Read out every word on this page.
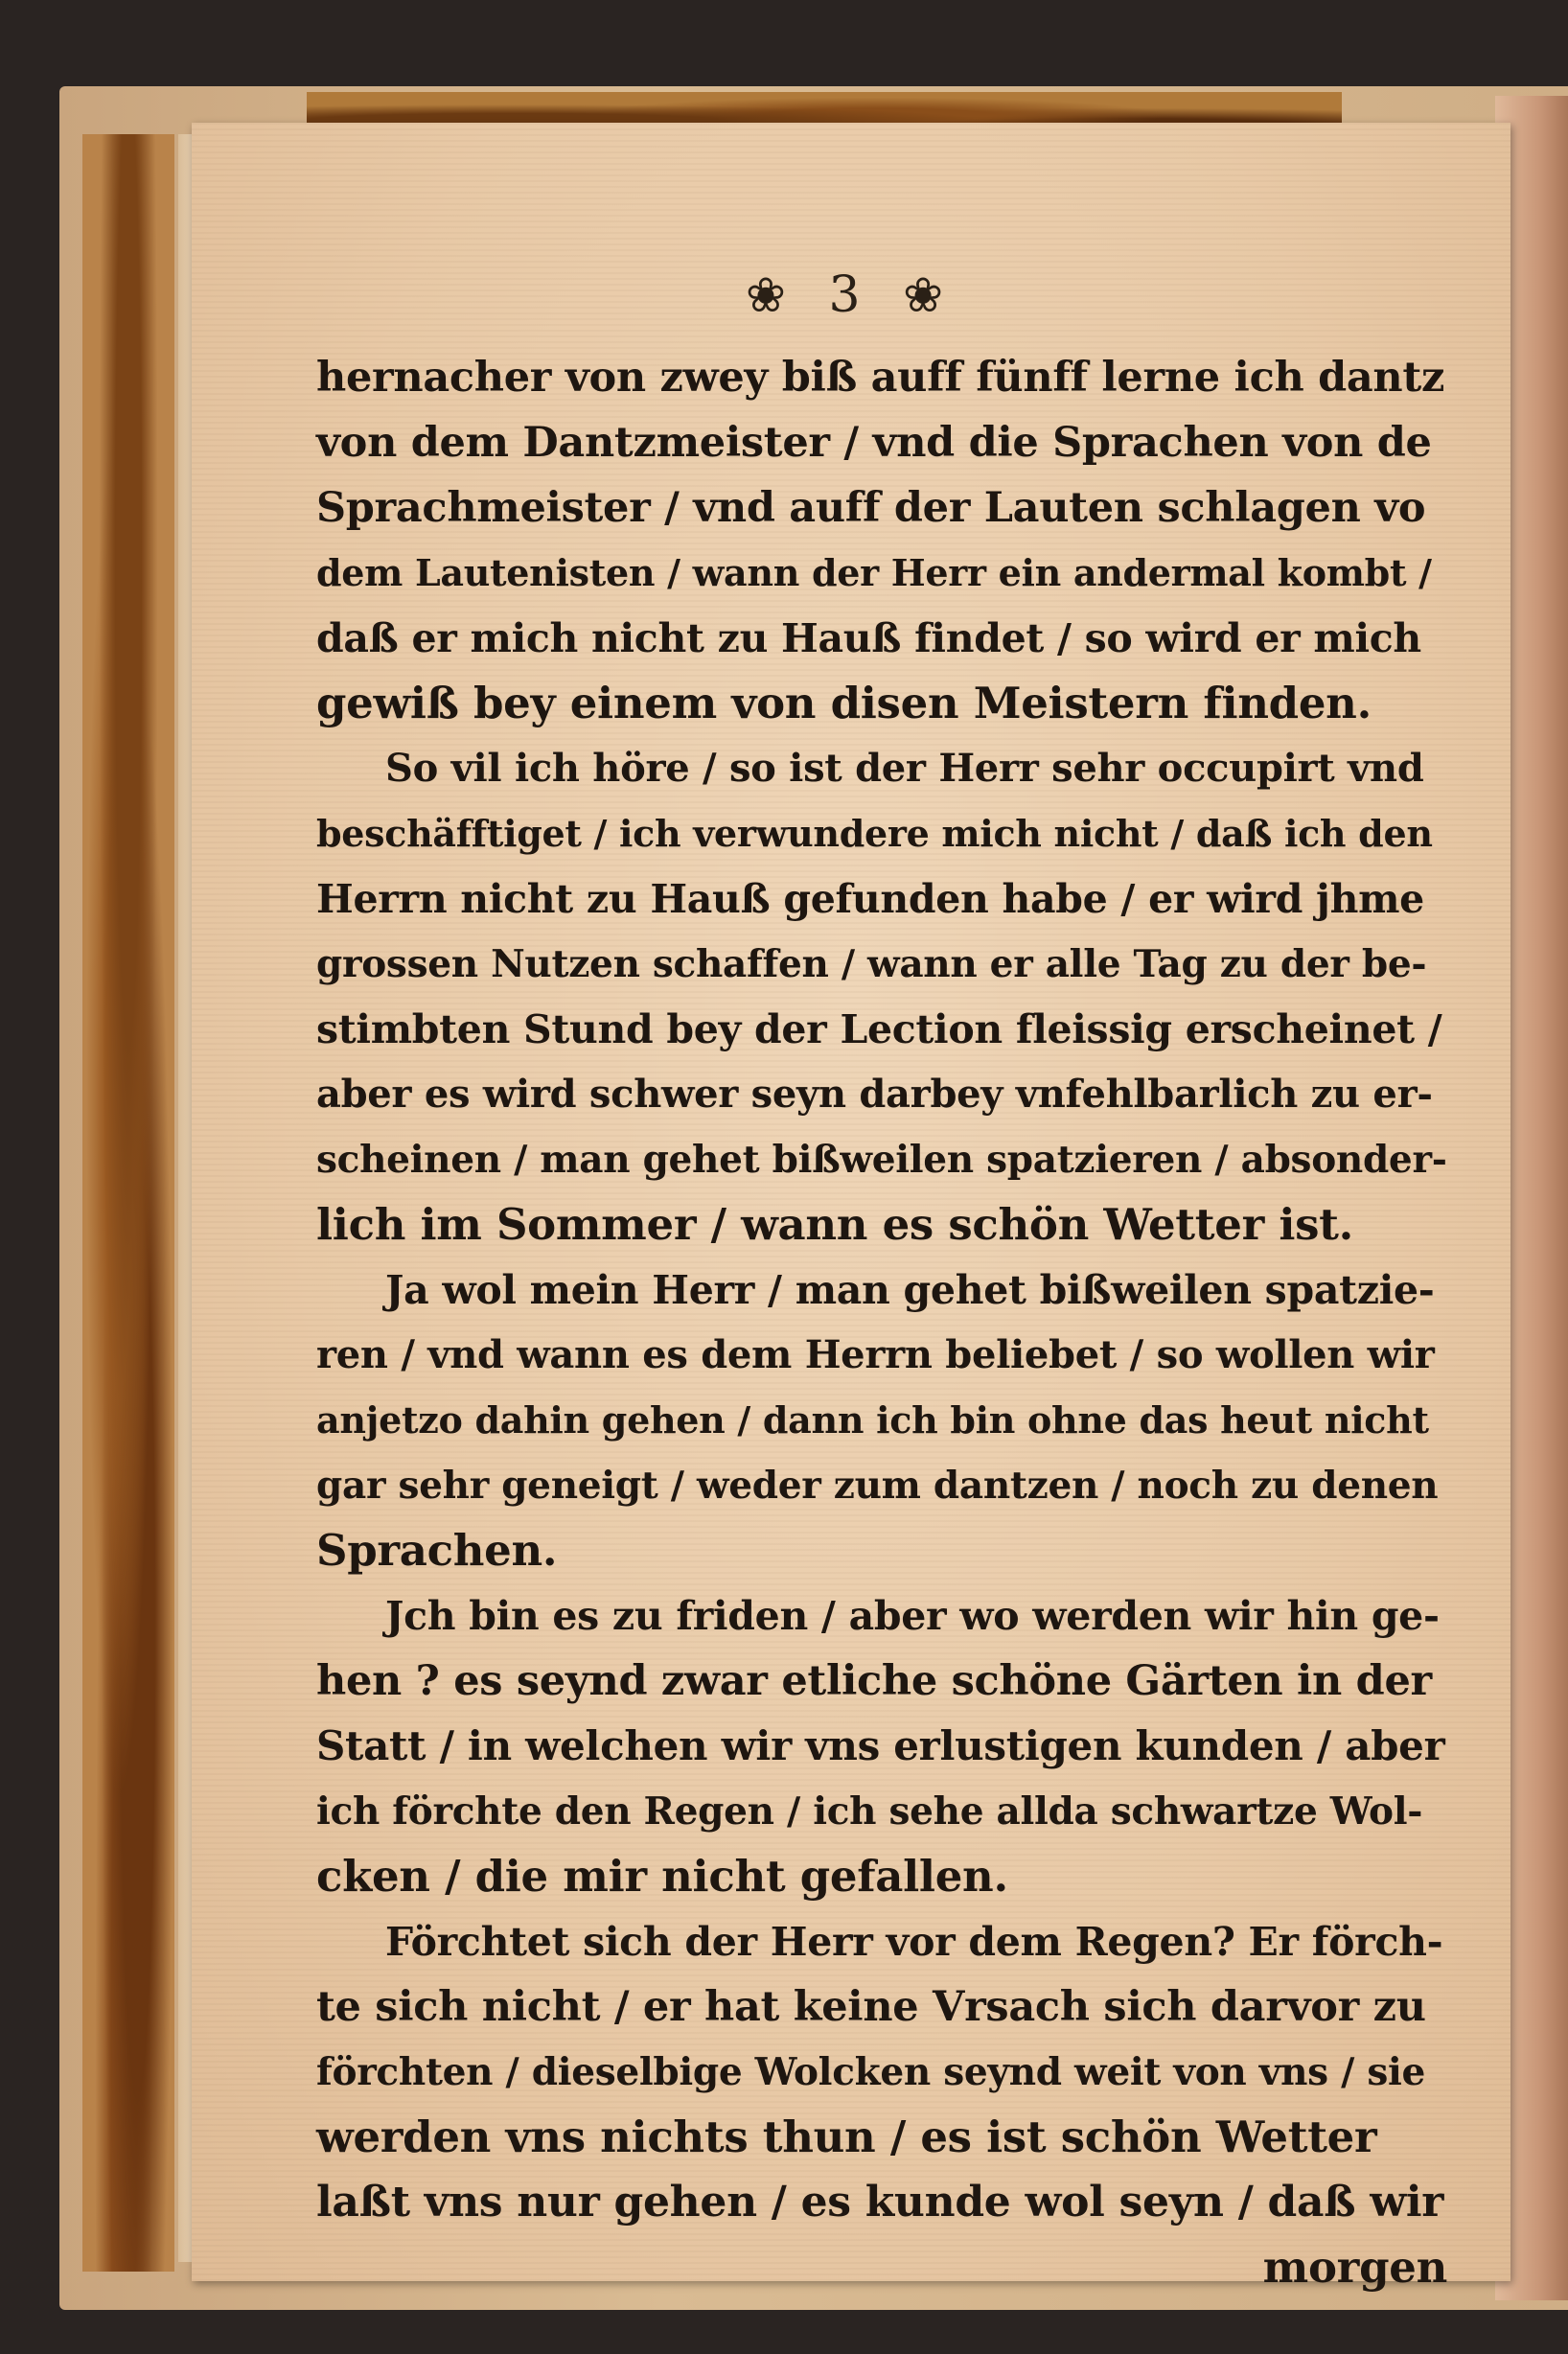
❀ 3 ❀
hernacher von zwey biß auff fünff lerne ich dantz
von dem Dantzmeister / vnd die Sprachen von de
Sprachmeister / vnd auff der Lauten schlagen vo
dem Lautenisten / wann der Herr ein andermal kombt /
daß er mich nicht zu Hauß findet / so wird er mich
gewiß bey einem von disen Meistern finden.
So vil ich höre / so ist der Herr sehr occupirt vnd
beschäfftiget / ich verwundere mich nicht / daß ich den
Herrn nicht zu Hauß gefunden habe / er wird jhme
grossen Nutzen schaffen / wann er alle Tag zu der be-
stimbten Stund bey der Lection fleissig erscheinet /
aber es wird schwer seyn darbey vnfehlbarlich zu er-
scheinen / man gehet bißweilen spatzieren / absonder-
lich im Sommer / wann es schön Wetter ist.
Ja wol mein Herr / man gehet bißweilen spatzie-
ren / vnd wann es dem Herrn beliebet / so wollen wir
anjetzo dahin gehen / dann ich bin ohne das heut nicht
gar sehr geneigt / weder zum dantzen / noch zu denen
Sprachen.
Jch bin es zu friden / aber wo werden wir hin ge-
hen ? es seynd zwar etliche schöne Gärten in der
Statt / in welchen wir vns erlustigen kunden / aber
ich förchte den Regen / ich sehe allda schwartze Wol-
cken / die mir nicht gefallen.
Förchtet sich der Herr vor dem Regen? Er förch-
te sich nicht / er hat keine Vrsach sich darvor zu
förchten / dieselbige Wolcken seynd weit von vns / sie
werden vns nichts thun / es ist schön Wetter
laßt vns nur gehen / es kunde wol seyn / daß wir
morgen
